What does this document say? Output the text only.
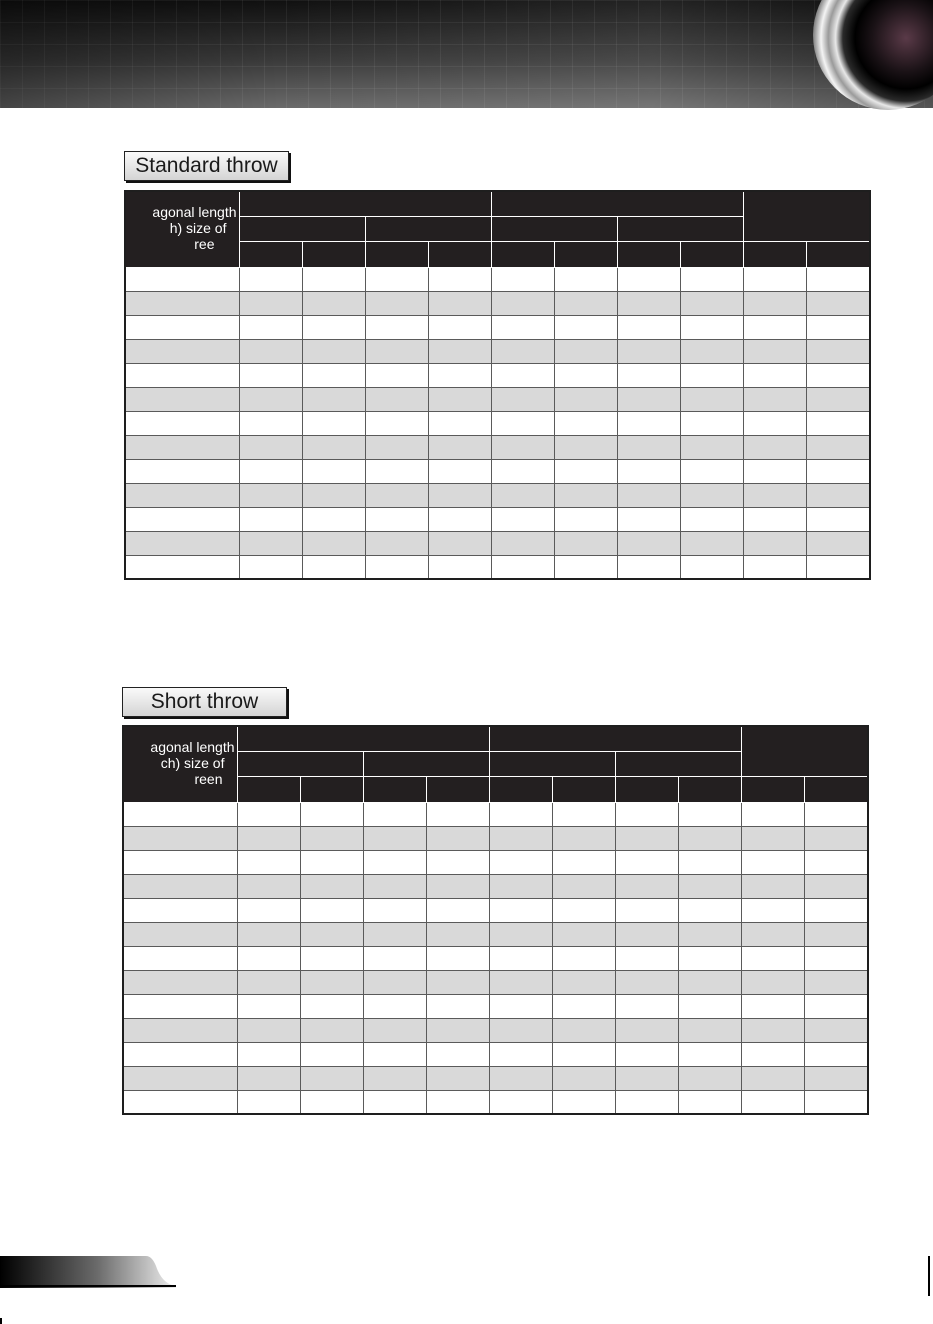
Standard throw
agonal length
h) size of
ree										

Short throw
agonal length
ch) size of
reen										
